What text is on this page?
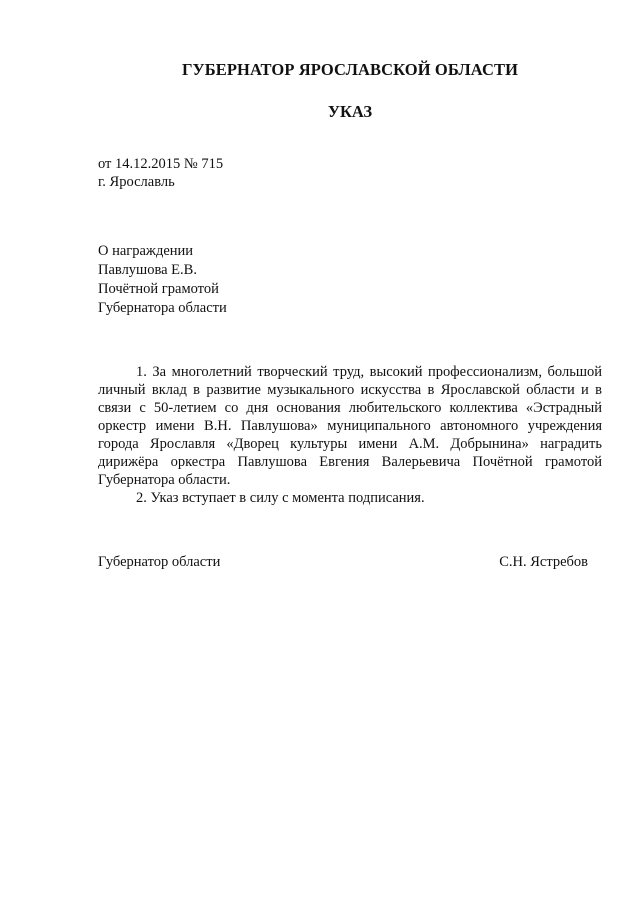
ГУБЕРНАТОР ЯРОСЛАВСКОЙ ОБЛАСТИ
УКАЗ
от 14.12.2015 № 715
г. Ярославль
О награждении
Павлушова Е.В.
Почётной грамотой
Губернатора области

1. За многолетний творческий труд, высокий профессионализм, большой личный вклад в развитие музыкального искусства в Ярославской области и в связи с 50-летием со дня основания любительского коллектива «Эстрадный оркестр имени В.Н. Павлушова» муниципального автономного учреждения города Ярославля «Дворец культуры имени А.М. Добрынина» наградить дирижёра оркестра Павлушова Евгения Валерьевича Почётной грамотой Губернатора области.

2. Указ вступает в силу с момента подписания.

Губернатор области	С.Н. Ястребов
